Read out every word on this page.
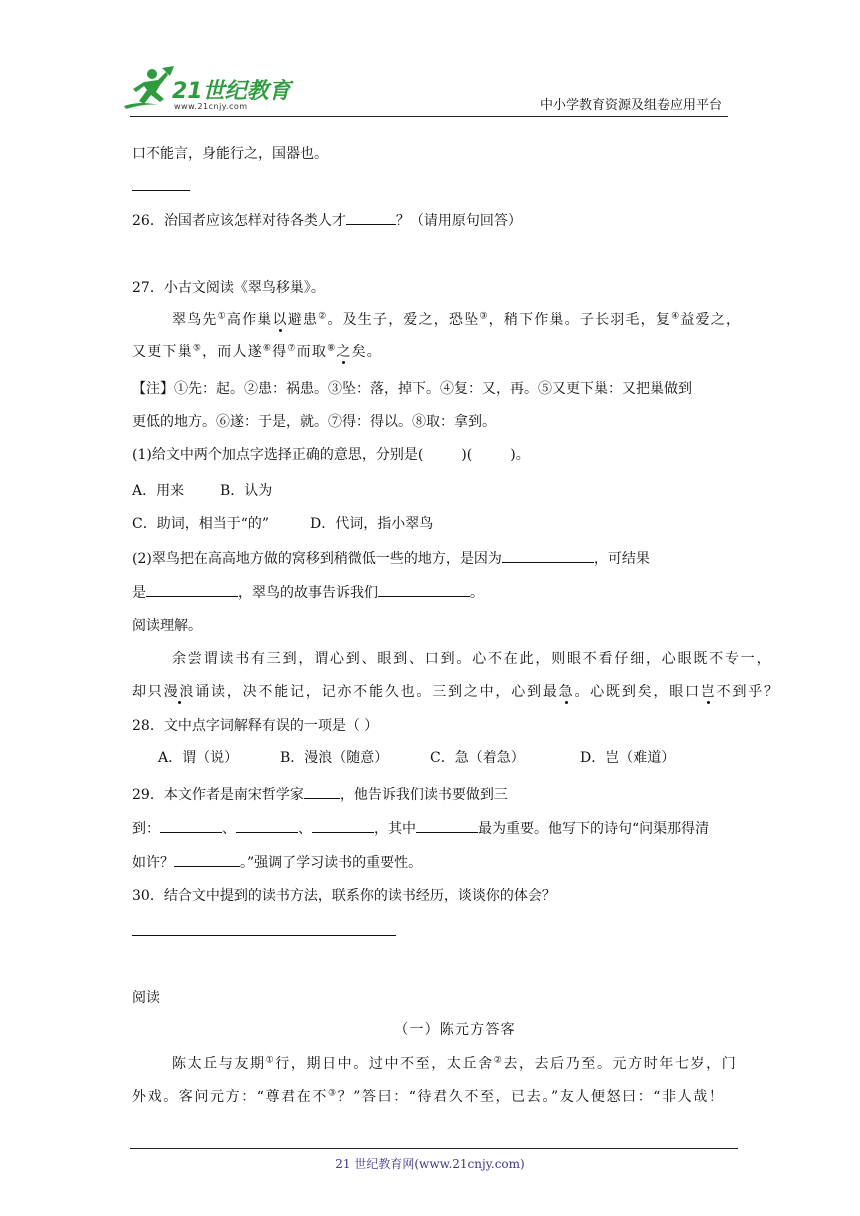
21世纪教育
www.21cnjy.com	中小学教育资源及组卷应用平台
口不能言，身能行之，国器也。
26．治国者应该怎样对待各类人才	？（请用原句回答）
27．小古文阅读《翠鸟移巢》。
翠鸟先①高作巢以避患②。及生子，爱之，恐坠③，稍下作巢。子长羽毛，复④益爱之，
又更下巢⑤，而人遂⑥得⑦而取⑧之矣。
【注】①先：起。②患：祸患。③坠：落，掉下。④复：又，再。⑤又更下巢：又把巢做到
更低的地方。⑥遂：于是，就。⑦得：得以。⑧取：拿到。
(1)给文中两个加点字选择正确的意思，分别是(	)(	)。
A．用来	B．认为
C．助词，相当于“的”	D．代词，指小翠鸟
(2)翠鸟把在高高地方做的窝移到稍微低一些的地方，是因为	，可结果
是	，翠鸟的故事告诉我们	。
阅读理解。
余尝谓读书有三到，谓心到、眼到、口到。心不在此，则眼不看仔细，心眼既不专一，
却只漫浪诵读，决不能记，记亦不能久也。三到之中，心到最急。心既到矣，眼口岂不到乎？
28．文中点字词解释有误的一项是（ ）
A．谓（说）	B．漫浪（随意）	C．急（着急）	D．岂（难道）
29．本文作者是南宋哲学家	，他告诉我们读书要做到三
到：	、	、	，其中	最为重要。他写下的诗句“问渠那得清
如许？	。”强调了学习读书的重要性。
30．结合文中提到的读书方法，联系你的读书经历，谈谈你的体会？
阅读
（一）陈元方答客
陈太丘与友期①行，期日中。过中不至，太丘舍②去，去后乃至。元方时年七岁，门
外戏。客问元方：“尊君在不③？”答曰：“待君久不至，已去。”友人便怒曰：“非人哉！
21 世纪教育网(www.21cnjy.com)
